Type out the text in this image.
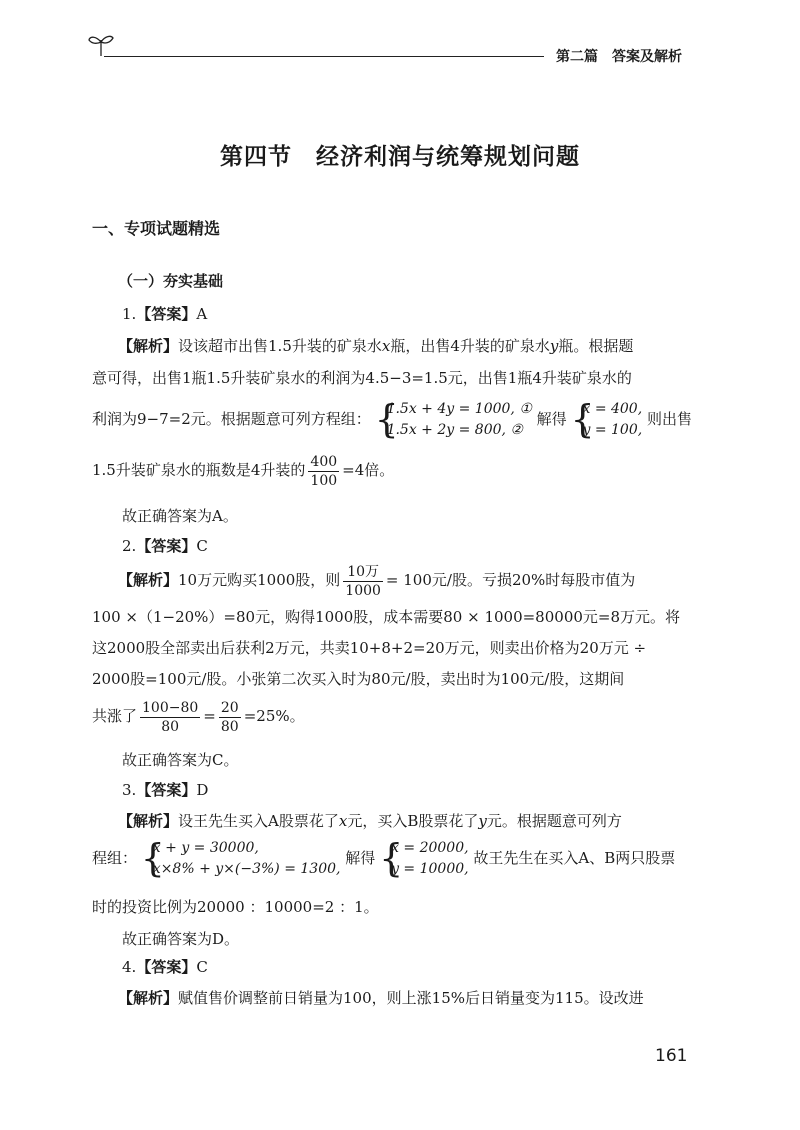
第二篇　答案及解析
第四节　经济利润与统筹规划问题
一、专项试题精选
（一）夯实基础
1.【答案】A
【解析】设该超市出售1.5升装的矿泉水x瓶，出售4升装的矿泉水y瓶。根据题
意可得，出售1瓶1.5升装矿泉水的利润为4.5−3=1.5元，出售1瓶4升装矿泉水的
利润为9−7=2元。根据题意可列方程组： {
1.5x + 4y = 1000, ①
1.5x + 2y = 800, ②
解得 {
x = 400,
y = 100,
则出售
1.5升装矿泉水的瓶数是4升装的 $\frac{400}{100} =4$倍。
故正确答案为A。
2.【答案】C
【解析】10万元购买1000股，则 $\frac{\text{10万}}{1000} = 100$元/股。亏损20%时每股市值为
100 ×（1−20%）=80元，购得1000股，成本需要80 × 1000=80000元=8万元。将
这2000股全部卖出后获利2万元，共卖10+8+2=20万元，则卖出价格为20万元 ÷
2000股=100元/股。小张第二次买入时为80元/股，卖出时为100元/股，这期间
共涨了 $\frac{100-80}{80} = \frac{20}{80} =25\%$。
故正确答案为C。
3.【答案】D
【解析】设王先生买入A股票花了x元，买入B股票花了y元。根据题意可列方
程组： {
x + y = 30000,
x×8% + y×(−3%) = 1300,
解得 {
x = 20000,
y = 10000,
故王先生在买入A、B两只股票
时的投资比例为20000 ：10000=2 ：1。
故正确答案为D。
4.【答案】C
【解析】赋值售价调整前日销量为100，则上涨15%后日销量变为115。设改进
161
